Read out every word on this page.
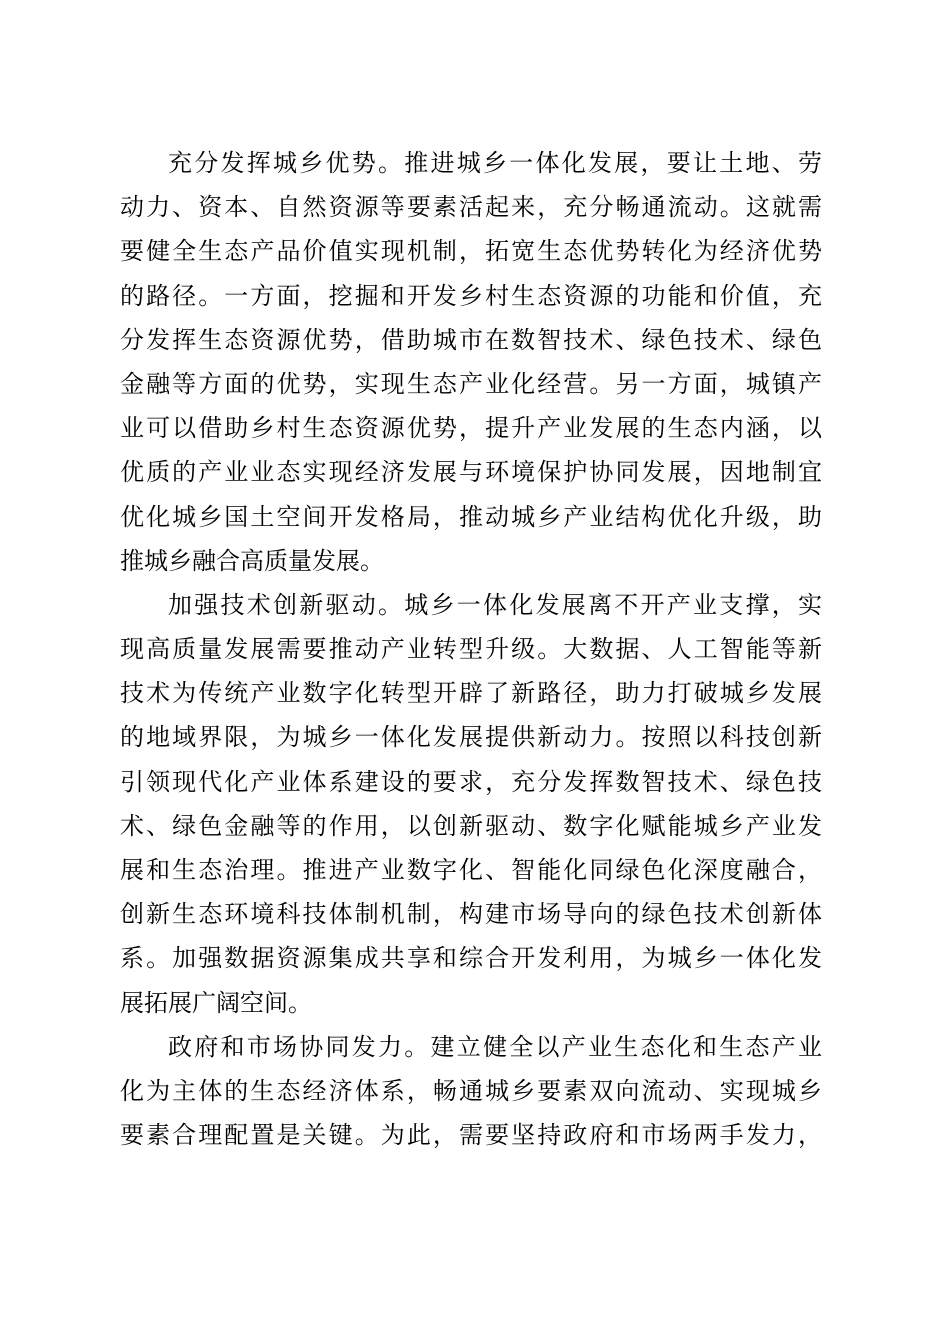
充分发挥城乡优势。推进城乡一体化发展，要让土地、劳
动力、资本、自然资源等要素活起来，充分畅通流动。这就需
要健全生态产品价值实现机制，拓宽生态优势转化为经济优势
的路径。一方面，挖掘和开发乡村生态资源的功能和价值，充
分发挥生态资源优势，借助城市在数智技术、绿色技术、绿色
金融等方面的优势，实现生态产业化经营。另一方面，城镇产
业可以借助乡村生态资源优势，提升产业发展的生态内涵，以
优质的产业业态实现经济发展与环境保护协同发展，因地制宜
优化城乡国土空间开发格局，推动城乡产业结构优化升级，助
推城乡融合高质量发展。

加强技术创新驱动。城乡一体化发展离不开产业支撑，实
现高质量发展需要推动产业转型升级。大数据、人工智能等新
技术为传统产业数字化转型开辟了新路径，助力打破城乡发展
的地域界限，为城乡一体化发展提供新动力。按照以科技创新
引领现代化产业体系建设的要求，充分发挥数智技术、绿色技
术、绿色金融等的作用，以创新驱动、数字化赋能城乡产业发
展和生态治理。推进产业数字化、智能化同绿色化深度融合，
创新生态环境科技体制机制，构建市场导向的绿色技术创新体
系。加强数据资源集成共享和综合开发利用，为城乡一体化发
展拓展广阔空间。

政府和市场协同发力。建立健全以产业生态化和生态产业
化为主体的生态经济体系，畅通城乡要素双向流动、实现城乡
要素合理配置是关键。为此，需要坚持政府和市场两手发力，
